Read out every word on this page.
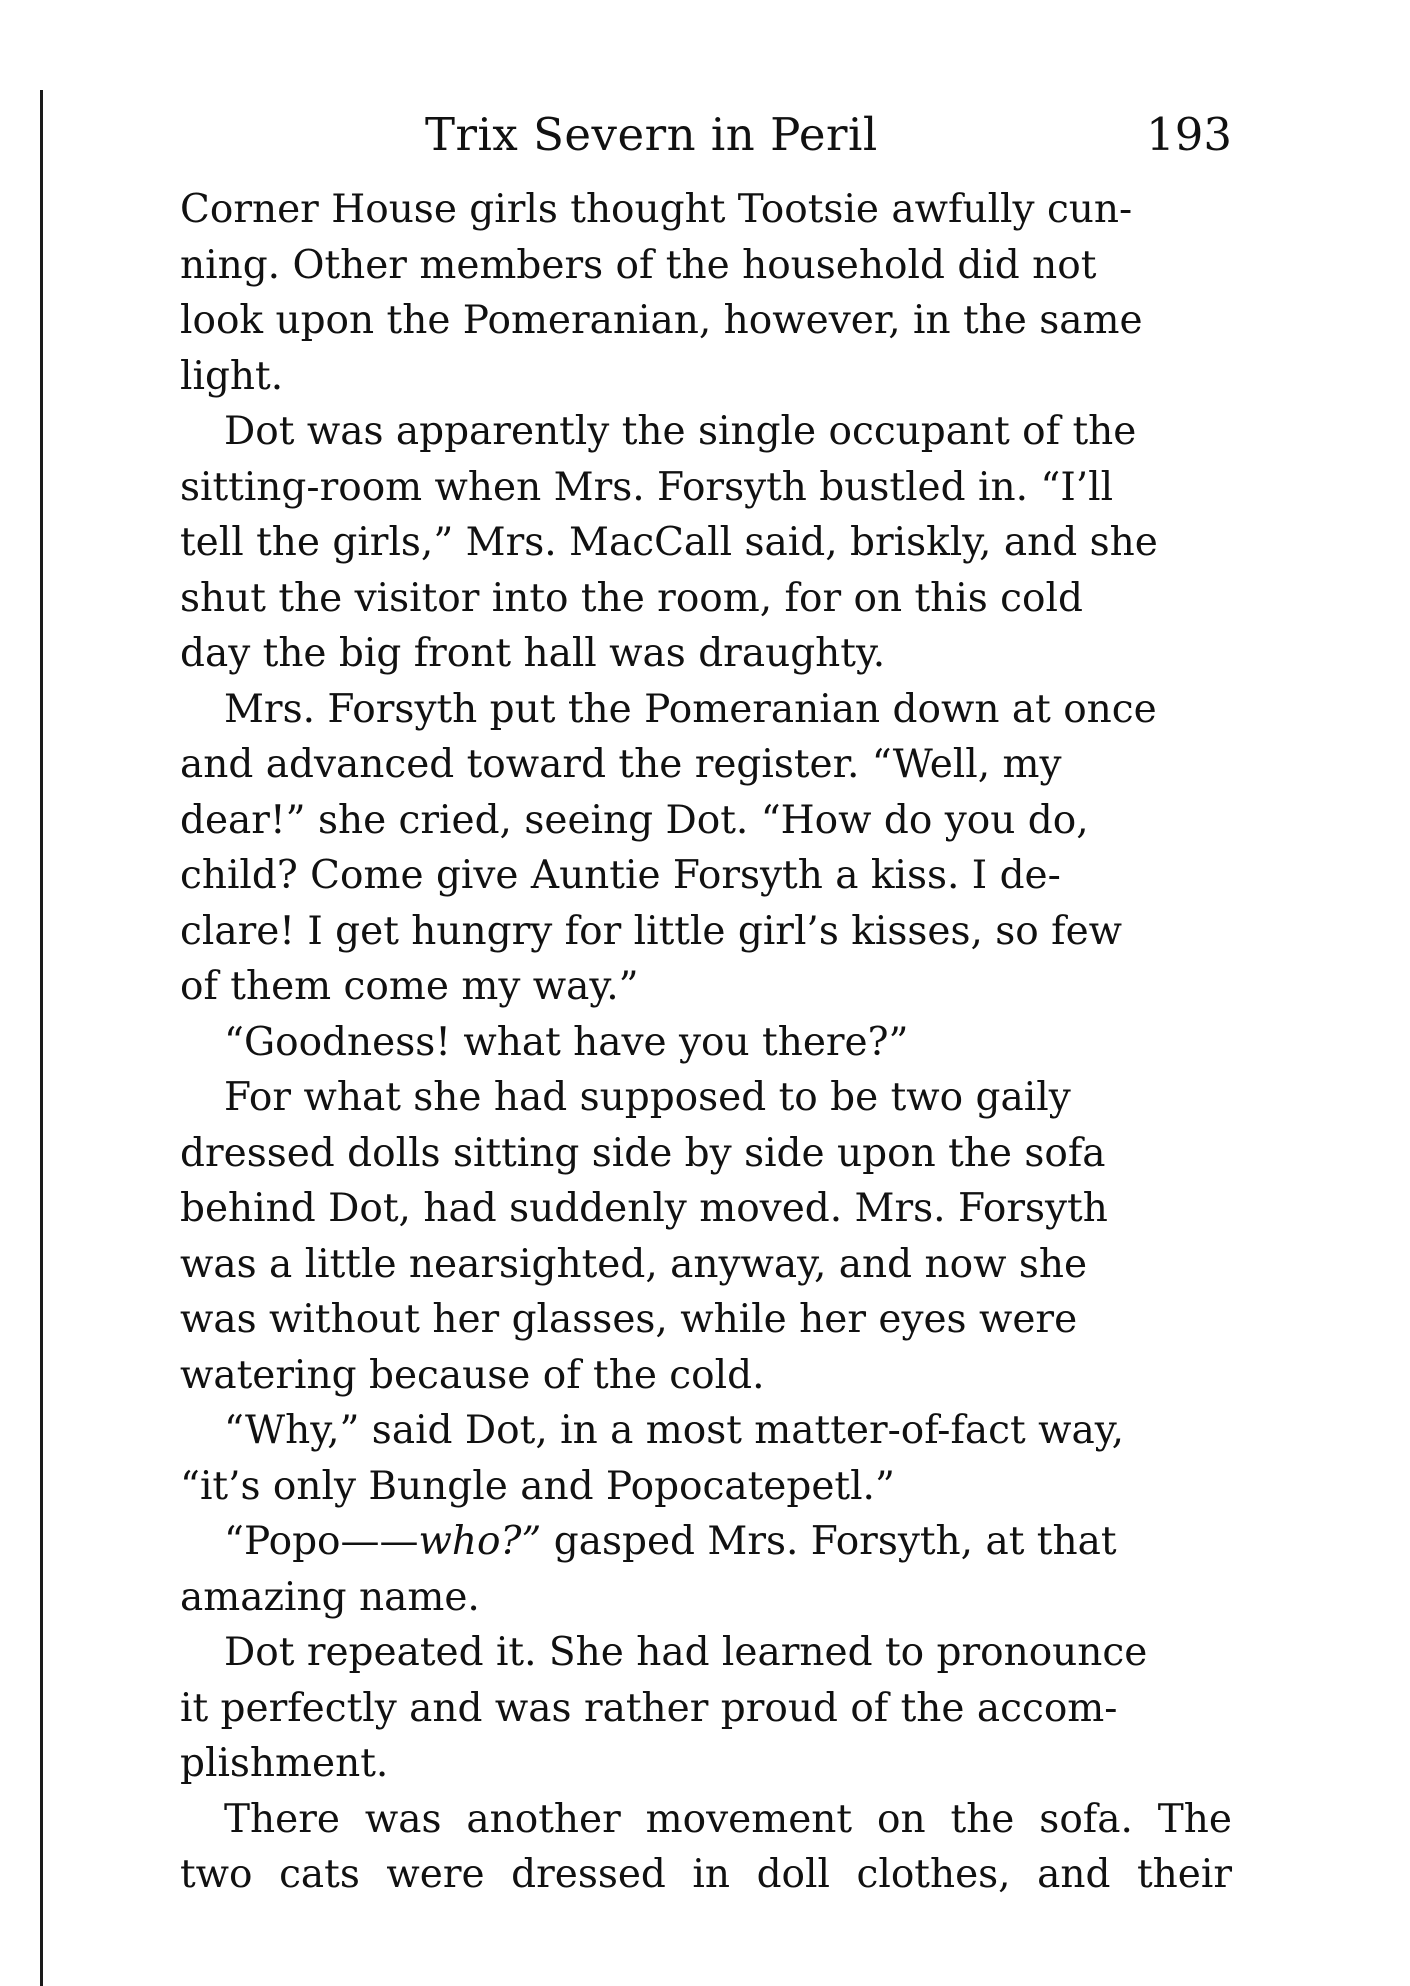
Trix Severn in Peril	193

Corner House girls thought Tootsie awfully cun-
ning. Other members of the household did not
look upon the Pomeranian, however, in the same
light.

Dot was apparently the single occupant of the
sitting-room when Mrs. Forsyth bustled in. “I’ll
tell the girls,” Mrs. MacCall said, briskly, and she
shut the visitor into the room, for on this cold
day the big front hall was draughty.

Mrs. Forsyth put the Pomeranian down at once
and advanced toward the register. “Well, my
dear!” she cried, seeing Dot. “How do you do,
child? Come give Auntie Forsyth a kiss. I de-
clare! I get hungry for little girl’s kisses, so few
of them come my way.”

“Goodness! what have you there?”

For what she had supposed to be two gaily
dressed dolls sitting side by side upon the sofa
behind Dot, had suddenly moved. Mrs. Forsyth
was a little nearsighted, anyway, and now she
was without her glasses, while her eyes were
watering because of the cold.

“Why,” said Dot, in a most matter-of-fact way,
“it’s only Bungle and Popocatepetl.”

“Popo——who?” gasped Mrs. Forsyth, at that
amazing name.

Dot repeated it. She had learned to pronounce
it perfectly and was rather proud of the accom-
plishment.

There was another movement on the sofa. The
two cats were dressed in doll clothes, and their
